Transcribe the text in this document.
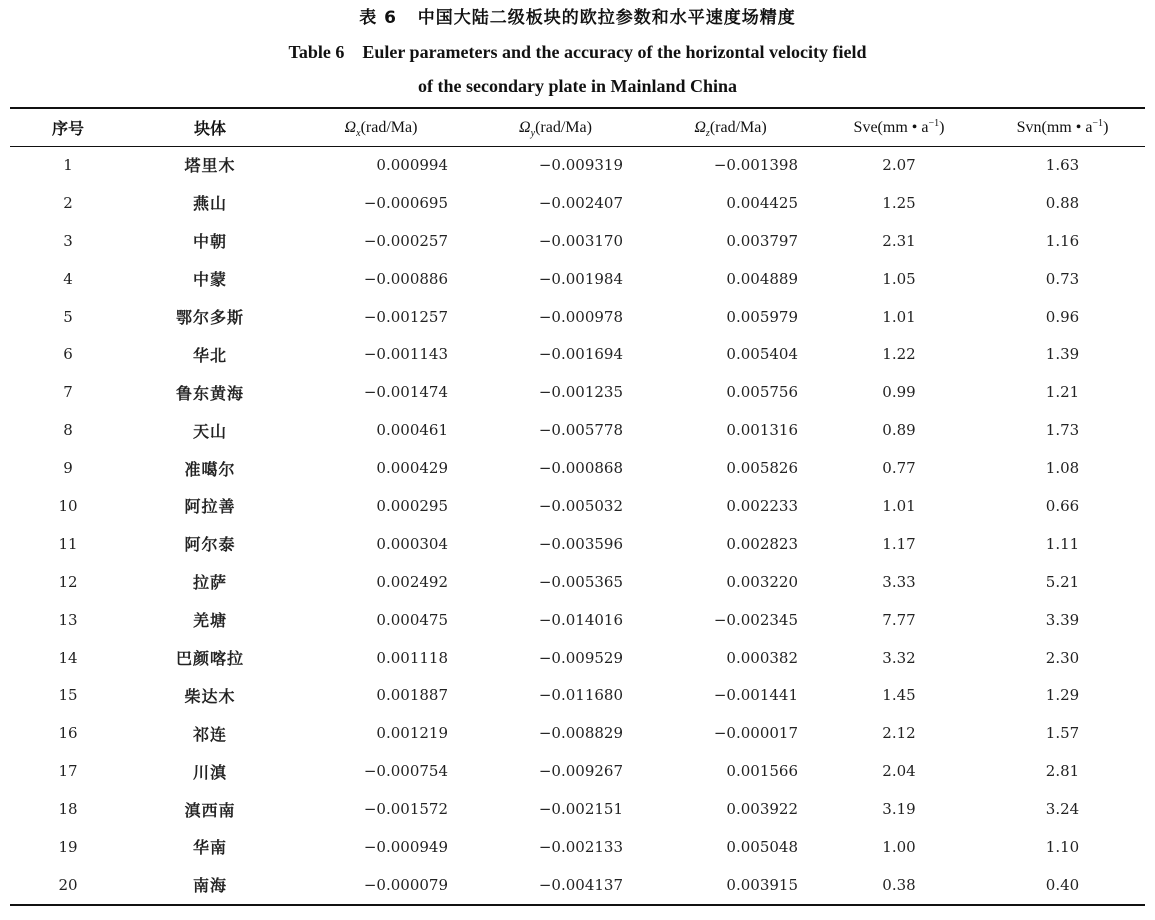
表 6   中国大陆二级板块的欧拉参数和水平速度场精度
Table 6    Euler parameters and the accuracy of the horizontal velocity field
of the secondary plate in Mainland China
序号	块体	$\Omega_x(rad/Ma)$	$\Omega_y(rad/Ma)$	$\Omega_z(rad/Ma)$	Sve(mm • $a^{-1}$)	Svn(mm • $a^{-1}$)
1	塔里木	0.000994	−0.009319	−0.001398	2.07	1.63
2	燕山	−0.000695	−0.002407	0.004425	1.25	0.88
3	中朝	−0.000257	−0.003170	0.003797	2.31	1.16
4	中蒙	−0.000886	−0.001984	0.004889	1.05	0.73
5	鄂尔多斯	−0.001257	−0.000978	0.005979	1.01	0.96
6	华北	−0.001143	−0.001694	0.005404	1.22	1.39
7	鲁东黄海	−0.001474	−0.001235	0.005756	0.99	1.21
8	天山	0.000461	−0.005778	0.001316	0.89	1.73
9	准噶尔	0.000429	−0.000868	0.005826	0.77	1.08
10	阿拉善	0.000295	−0.005032	0.002233	1.01	0.66
11	阿尔泰	0.000304	−0.003596	0.002823	1.17	1.11
12	拉萨	0.002492	−0.005365	0.003220	3.33	5.21
13	羌塘	0.000475	−0.014016	−0.002345	7.77	3.39
14	巴颜喀拉	0.001118	−0.009529	0.000382	3.32	2.30
15	柴达木	0.001887	−0.011680	−0.001441	1.45	1.29
16	祁连	0.001219	−0.008829	−0.000017	2.12	1.57
17	川滇	−0.000754	−0.009267	0.001566	2.04	2.81
18	滇西南	−0.001572	−0.002151	0.003922	3.19	3.24
19	华南	−0.000949	−0.002133	0.005048	1.00	1.10
20	南海	−0.000079	−0.004137	0.003915	0.38	0.40
